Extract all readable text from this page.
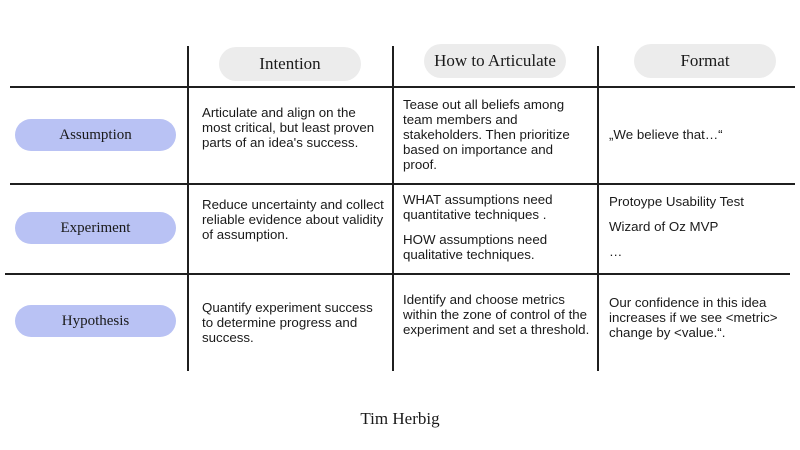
Intention	How to Articulate	Format
Assumption
Experiment
Hypothesis

Articulate and align on the most critical, but least proven parts of an idea's success.

Tease out all beliefs among team members and stakeholders. Then prioritize based on importance and proof.

„We believe that…“

Reduce uncertainty and collect reliable evidence about validity of assumption.

WHAT assumptions need quantitative techniques .

HOW assumptions need qualitative techniques.

Protoype Usability Test

Wizard of Oz MVP

…

Quantify experiment success to determine progress and success.

Identify and choose metrics within the zone of control of the experiment and set a threshold.

Our confidence in this idea increases if we see <metric> change by <value.“.

Tim Herbig
